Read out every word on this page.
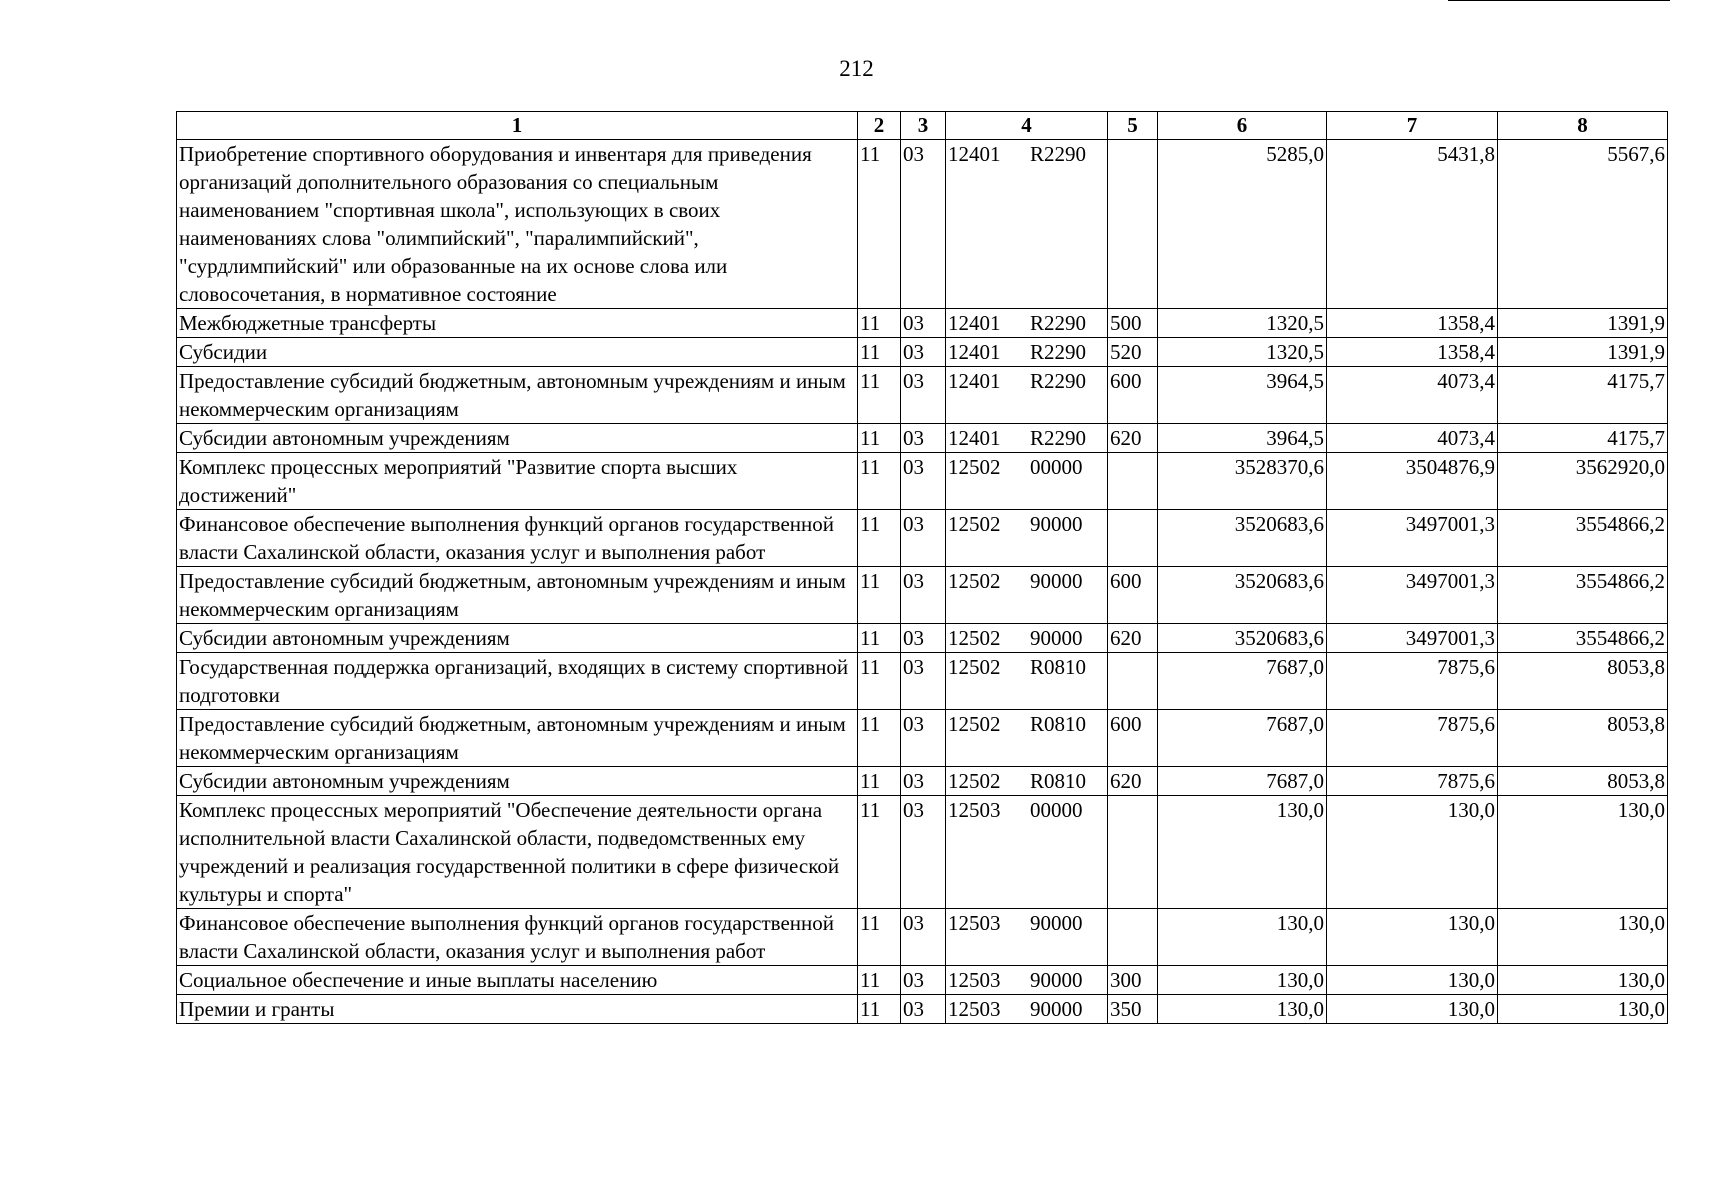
212
1	2	3	4	5	6	7	8
Приобретение спортивного оборудования и инвентаря для приведения организаций дополнительного образования со специальным наименованием "спортивная школа", использующих в своих наименованиях слова "олимпийский", "паралимпийский", "сурдлимпийский" или образованные на их основе слова или словосочетания, в нормативное состояние	11	03	12401 R2290		5285,0	5431,8	5567,6
Межбюджетные трансферты	11	03	12401 R2290	500	1320,5	1358,4	1391,9
Субсидии	11	03	12401 R2290	520	1320,5	1358,4	1391,9
Предоставление субсидий бюджетным, автономным учреждениям и иным некоммерческим организациям	11	03	12401 R2290	600	3964,5	4073,4	4175,7
Субсидии автономным учреждениям	11	03	12401 R2290	620	3964,5	4073,4	4175,7
Комплекс процессных мероприятий "Развитие спорта высших достижений"	11	03	12502 00000		3528370,6	3504876,9	3562920,0
Финансовое обеспечение выполнения функций органов государственной власти Сахалинской области, оказания услуг и выполнения работ	11	03	12502 90000		3520683,6	3497001,3	3554866,2
Предоставление субсидий бюджетным, автономным учреждениям и иным некоммерческим организациям	11	03	12502 90000	600	3520683,6	3497001,3	3554866,2
Субсидии автономным учреждениям	11	03	12502 90000	620	3520683,6	3497001,3	3554866,2
Государственная поддержка организаций, входящих в систему спортивной подготовки	11	03	12502 R0810		7687,0	7875,6	8053,8
Предоставление субсидий бюджетным, автономным учреждениям и иным некоммерческим организациям	11	03	12502 R0810	600	7687,0	7875,6	8053,8
Субсидии автономным учреждениям	11	03	12502 R0810	620	7687,0	7875,6	8053,8
Комплекс процессных мероприятий "Обеспечение деятельности органа исполнительной власти Сахалинской области, подведомственных ему учреждений и реализация государственной политики в сфере физической культуры и спорта"	11	03	12503 00000		130,0	130,0	130,0
Финансовое обеспечение выполнения функций органов государственной власти Сахалинской области, оказания услуг и выполнения работ	11	03	12503 90000		130,0	130,0	130,0
Социальное обеспечение и иные выплаты населению	11	03	12503 90000	300	130,0	130,0	130,0
Премии и гранты	11	03	12503 90000	350	130,0	130,0	130,0
